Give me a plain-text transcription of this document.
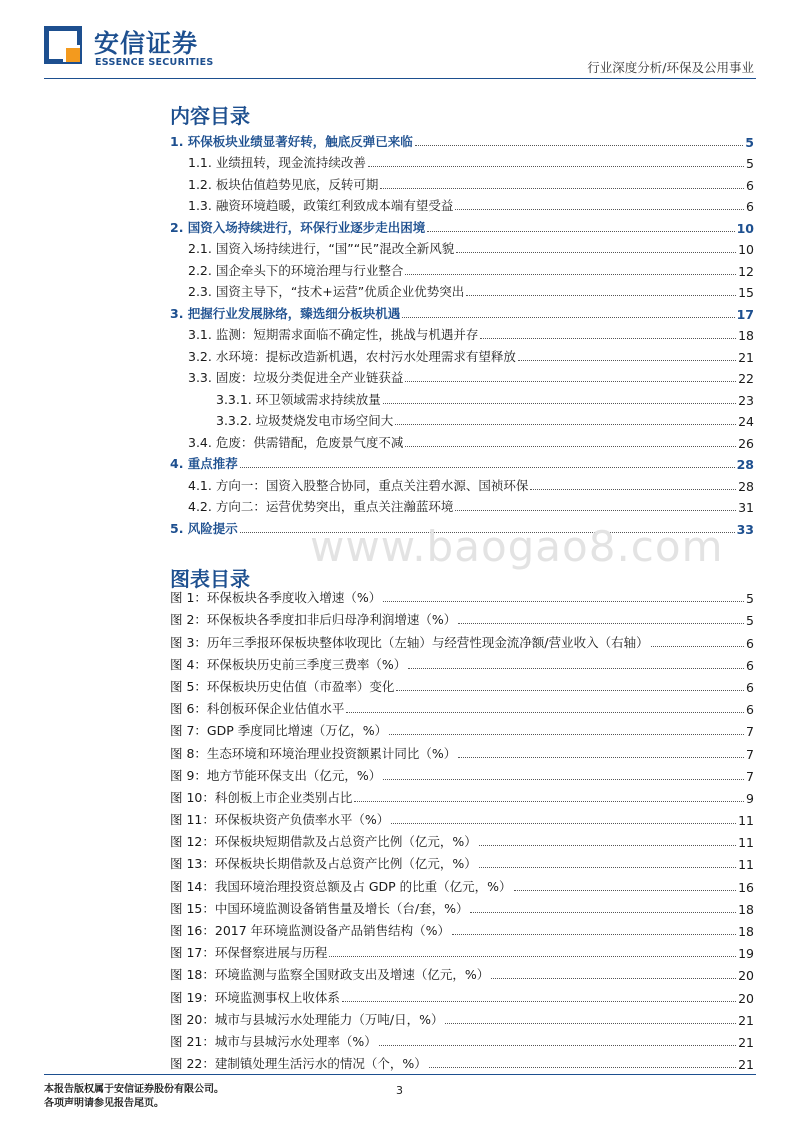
安信证券
ESSENCE SECURITIES	行业深度分析/环保及公用事业
内容目录
1. 环保板块业绩显著好转，触底反弹已来临	5
1.1. 业绩扭转，现金流持续改善	5
1.2. 板块估值趋势见底，反转可期	6
1.3. 融资环境趋暖，政策红利致成本端有望受益	6
2. 国资入场持续进行，环保行业逐步走出困境	10
2.1. 国资入场持续进行，“国”“民”混改全新风貌	10
2.2. 国企牵头下的环境治理与行业整合	12
2.3. 国资主导下，“技术+运营”优质企业优势突出	15
3. 把握行业发展脉络，臻选细分板块机遇	17
3.1. 监测：短期需求面临不确定性，挑战与机遇并存	18
3.2. 水环境：提标改造新机遇，农村污水处理需求有望释放	21
3.3. 固废：垃圾分类促进全产业链获益	22
3.3.1. 环卫领域需求持续放量	23
3.3.2. 垃圾焚烧发电市场空间大	24
3.4. 危废：供需错配，危废景气度不减	26
4. 重点推荐	28
4.1. 方向一：国资入股整合协同，重点关注碧水源、国祯环保	28
4.2. 方向二：运营优势突出，重点关注瀚蓝环境	31
5. 风险提示	33
www.baogao8.com
图表目录
图 1：环保板块各季度收入增速（%）	5
图 2：环保板块各季度扣非后归母净利润增速（%）	5
图 3：历年三季报环保板块整体收现比（左轴）与经营性现金流净额/营业收入（右轴）	6
图 4：环保板块历史前三季度三费率（%）	6
图 5：环保板块历史估值（市盈率）变化	6
图 6：科创板环保企业估值水平	6
图 7：GDP 季度同比增速（万亿，%）	7
图 8：生态环境和环境治理业投资额累计同比（%）	7
图 9：地方节能环保支出（亿元，%）	7
图 10：科创板上市企业类别占比	9
图 11：环保板块资产负债率水平（%）	11
图 12：环保板块短期借款及占总资产比例（亿元，%）	11
图 13：环保板块长期借款及占总资产比例（亿元，%）	11
图 14：我国环境治理投资总额及占 GDP 的比重（亿元，%）	16
图 15：中国环境监测设备销售量及增长（台/套，%）	18
图 16：2017 年环境监测设备产品销售结构（%）	18
图 17：环保督察进展与历程	19
图 18：环境监测与监察全国财政支出及增速（亿元，%）	20
图 19：环境监测事权上收体系	20
图 20：城市与县城污水处理能力（万吨/日，%）	21
图 21：城市与县城污水处理率（%）	21
图 22：建制镇处理生活污水的情况（个，%）	21
本报告版权属于安信证券股份有限公司。
各项声明请参见报告尾页。
3
